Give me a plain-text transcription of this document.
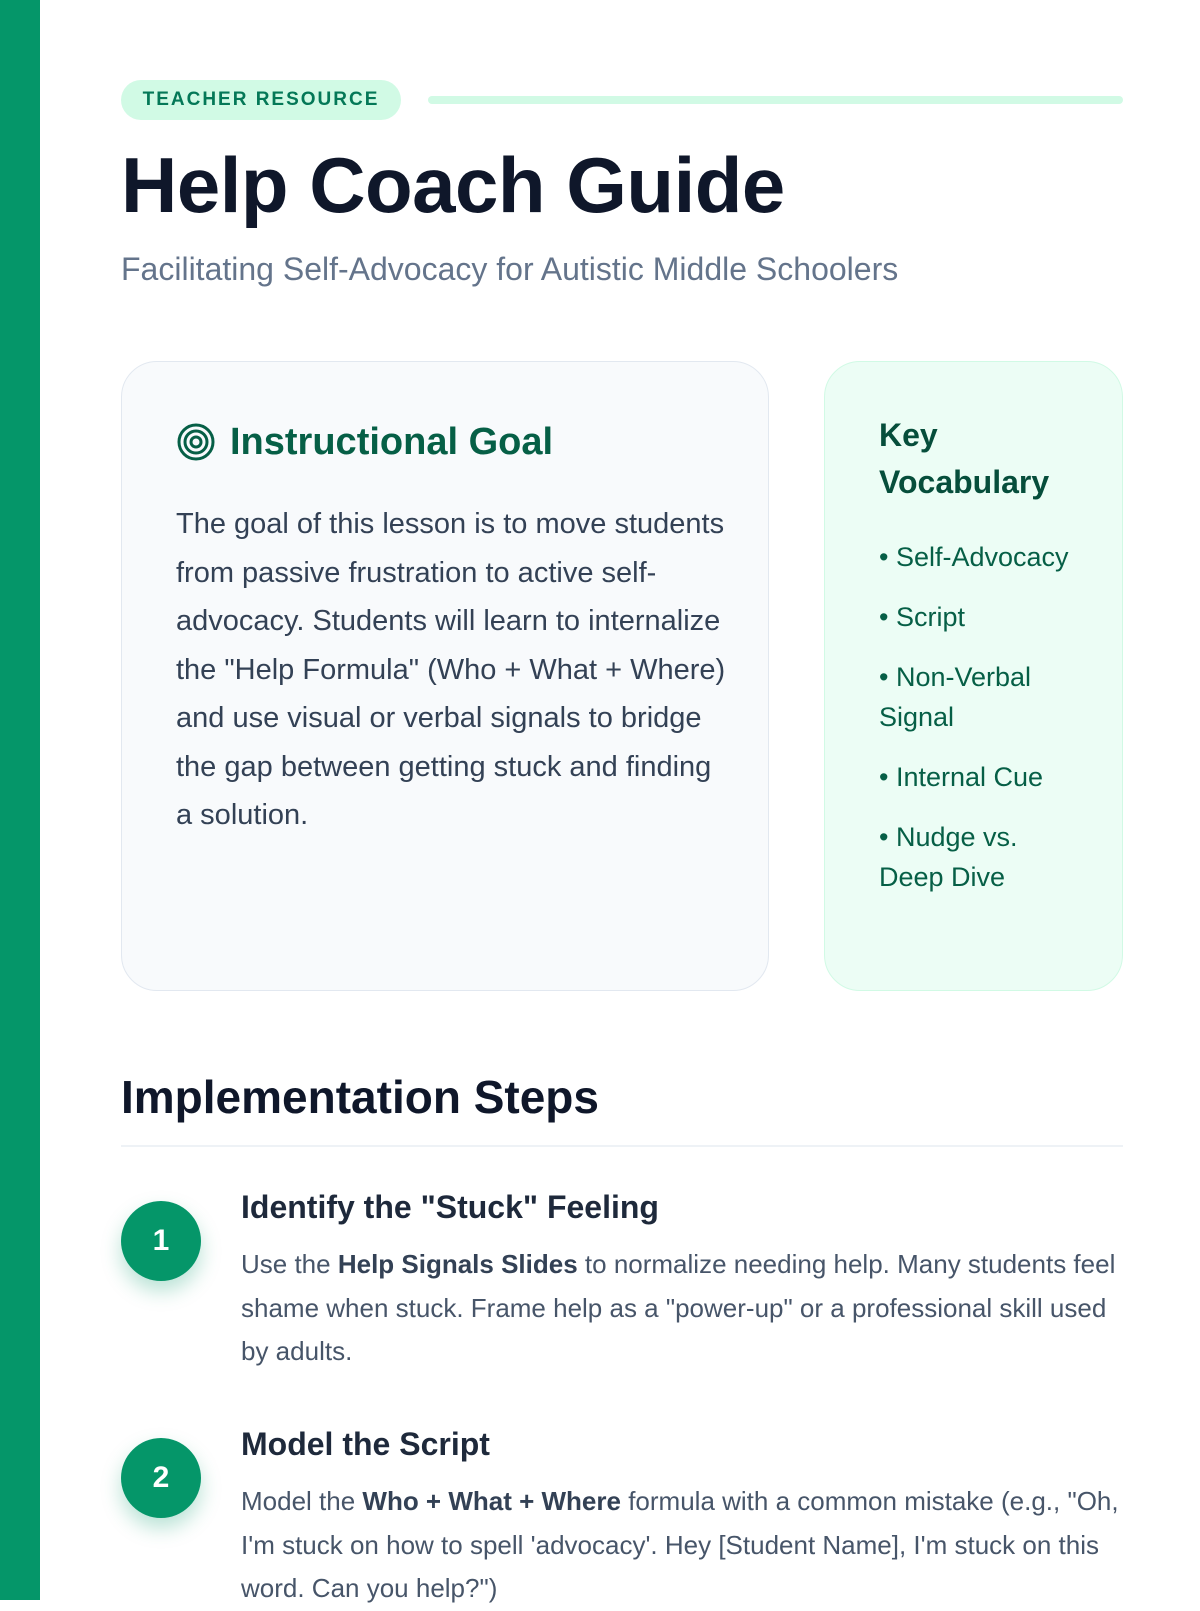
TEACHER RESOURCE
Help Coach Guide

Facilitating Self-Advocacy for Autistic Middle Schoolers

Instructional Goal

The goal of this lesson is to move students from passive frustration to active self-advocacy. Students will learn to internalize the "Help Formula" (Who + What + Where) and use visual or verbal signals to bridge the gap between getting stuck and finding a solution.

Key Vocabulary
• Self-Advocacy
• Script
• Non-Verbal Signal
• Internal Cue
• Nudge vs. Deep Dive
Implementation Steps
1
Identify the "Stuck" Feeling

Use the Help Signals Slides to normalize needing help. Many students feel shame when stuck. Frame help as a "power-up" or a professional skill used by adults.

2
Model the Script

Model the Who + What + Where formula with a common mistake (e.g., "Oh, I'm stuck on how to spell 'advocacy'. Hey [Student Name], I'm stuck on this word. Can you help?")
